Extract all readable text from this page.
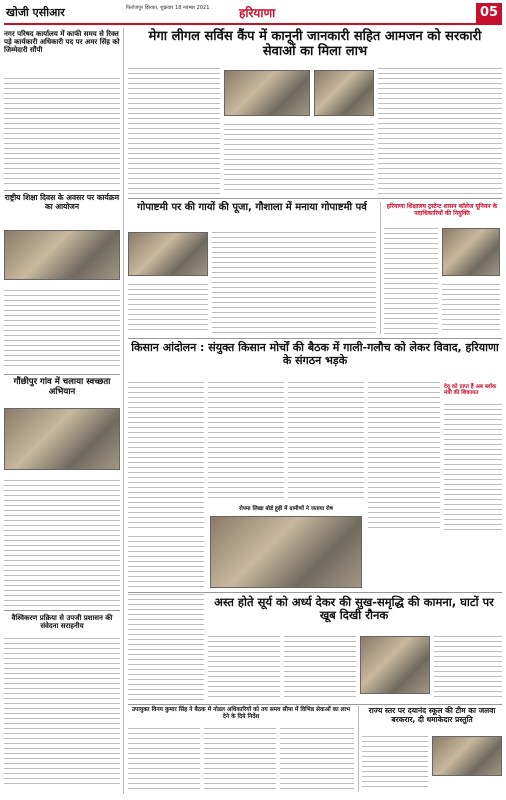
खोजी एसीआर	फिरोजपुर झिरका, शुक्रवार 18 नवम्बर 2021 हरियाणा	05
नगर परिषद कार्यालय में काफी समय से रिक्त पड़े कार्यकारी अधिकारी पद पर अमर सिंह को जिम्मेदारी सौंपी
राष्ट्रीय शिक्षा दिवस के अवसर पर कार्यक्रम का आयोजन
गौंछीपुर गांव में चलाया स्वच्छता अभियान
वैश्विकरण प्रक्रिया से उपजी प्रशासन की संवेदना सराहनीय
मेगा लीगल सर्विस कैंप में कानूनी जानकारी सहित आमजन को सरकारी सेवाओं का मिला लाभ
गोपाष्टमी पर की गायों की पूजा, गौशाला में मनाया गोपाष्टमी पर्व	हरियाणा शिक्षालय ट्रस्टेन्ट शासन कॉलेज यूनियन के पदाधिकारियों की नियुक्ति
किसान आंदोलन : संयुक्त किसान मोर्चों की बैठक में गाली-गलौच को लेकर विवाद, हरियाणा के संगठन भड़के
देवू को प्राप्त हैं अब ब्लॉक मंत्री की शिकायत
रोपमा लिखा बोर्ड हूड़ी में ग्रामीणों ने जताया रोष
अस्त होते सूर्य को अर्ध्य देकर की सुख-समृद्धि की कामना, घाटों पर खूब दिखी रौनक
उपायुक्त विनय कुमार सिंह ने बैठक में नोडल अधिकारियों को तय समय सीमा में विभिन्न सेवाओं का लाभ देने के दिये निर्देश
राज्य स्तर पर दयानंद स्कूल की टीम का जलवा बरकरार, दी धमाकेदार प्रस्तुति
